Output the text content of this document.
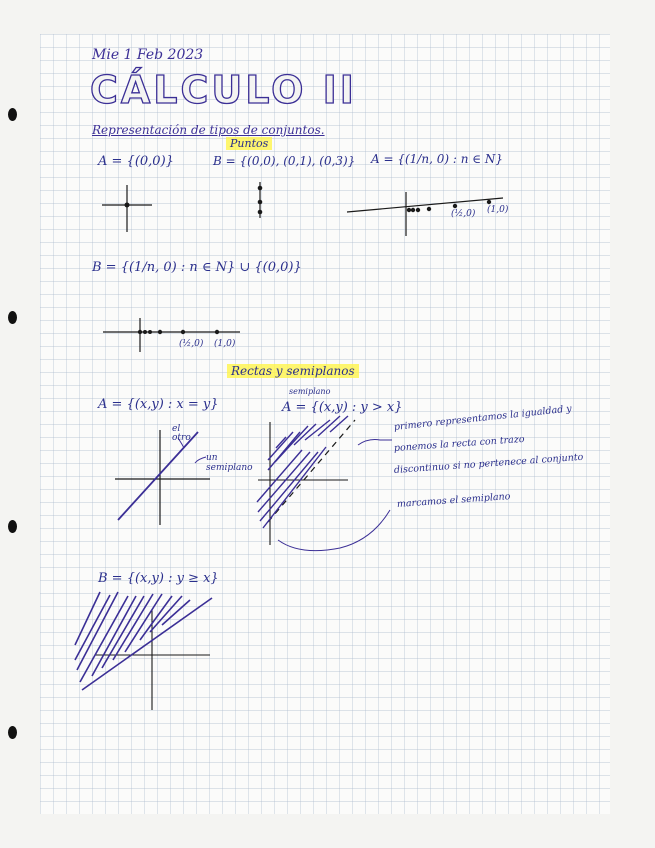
Mie 1 Feb 2023
CÁLCULO II
Representación de tipos de conjuntos.
Puntos
A = {(0,0)}	B = {(0,0), (0,1), (0,3)} A = {(1/n, 0) : n ∈ N}
(½,0) (1,0)
B = {(1/n, 0) : n ∈ N} ∪ {(0,0)}
(½,0) (1,0)
Rectas y semiplanos
A = {(x,y) : x = y}
el otro
un semiplano
semiplano
A = {(x,y) : y > x}
primero representamos la igualdad y
ponemos la recta con trazo
discontinuo si no pertenece al conjunto
marcamos el semiplano
B = {(x,y) : y ≥ x}
